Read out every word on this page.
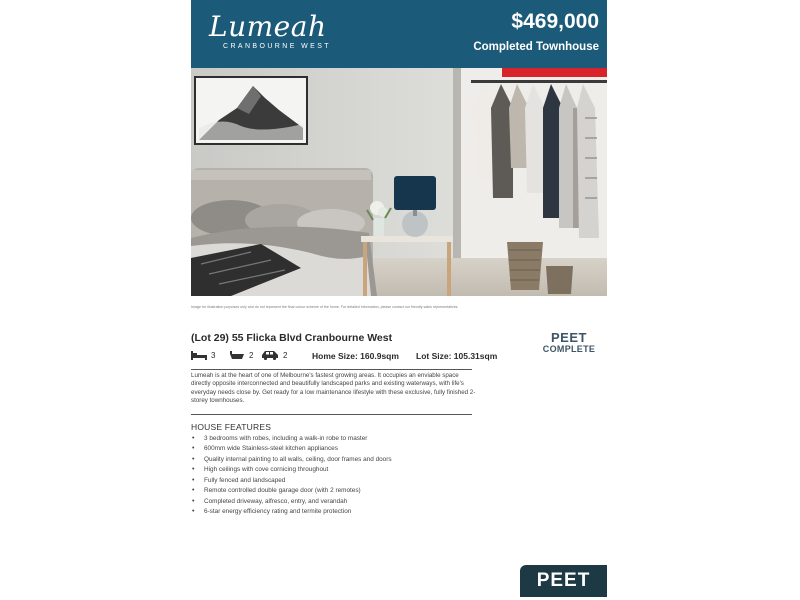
Lumeah
CRANBOURNE WEST
$469,000
Completed Townhouse
Image for illustration purposes only and do not represent the final colour scheme of the home. For detailed information, please contact our friendly sales representatives.
(Lot 29) 55 Flicka Blvd Cranbourne West
3	2	2	Home Size: 160.9sqm Lot Size: 105.31sqm
PEET
COMPLETE
Lumeah is at the heart of one of Melbourne's fastest growing areas. It occupies an enviable space directly opposite interconnected and beautifully landscaped parks and existing waterways, with life's everyday needs close by. Get ready for a low maintenance lifestyle with these exclusive, fully finished 2-storey townhouses.
HOUSE FEATURES
• 3 bedrooms with robes, including a walk-in robe to master
• 600mm wide Stainless-steel kitchen appliances
• Quality internal painting to all walls, ceiling, door frames and doors
• High ceilings with cove cornicing throughout
• Fully fenced and landscaped
• Remote controlled double garage door (with 2 remotes)
• Completed driveway, alfresco, entry, and verandah
• 6-star energy efficiency rating and termite protection
PEET
